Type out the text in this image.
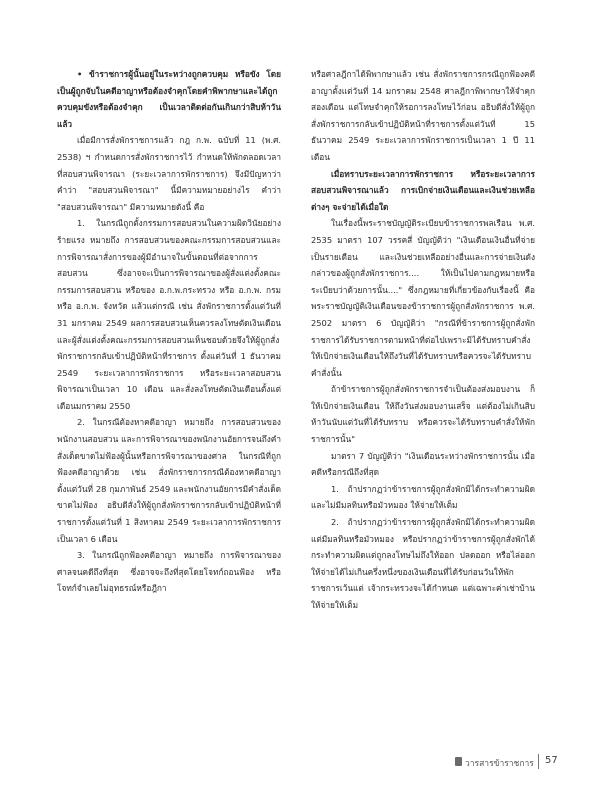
• ข้าราชการผู้นั้นอยู่ในระหว่างถูกควบคุม หรือขัง โดยเป็นผู้ถูกจับในคดีอาญาหรือต้องจำคุกโดยคำพิพากษาและได้ถูกควบคุมขังหรือต้องจำคุก เป็นเวลาติดต่อกันเกินกว่าสิบห้าวันแล้ว

เมื่อมีการสั่งพักราชการแล้ว กฎ ก.พ. ฉบับที่ 11 (พ.ศ. 2538) ฯ กำหนดการสั่งพักราชการไว้ กำหนดให้พักตลอดเวลาที่สอบสวนพิจารณา (ระยะเวลาการพักราชการ) จึงมีปัญหาว่าคำว่า "สอบสวนพิจารณา" นี้มีความหมายอย่างไร คำว่า "สอบสวนพิจารณา" มีความหมายดังนี้ คือ

1. ในกรณีถูกตั้งกรรมการสอบสวนในความผิดวินัยอย่างร้ายแรง หมายถึง การสอบสวนของคณะกรรมการสอบสวนและการพิจารณาสั่งการของผู้มีอำนาจในขั้นตอนที่ต่อจากการสอบสวน ซึ่งอาจจะเป็นการพิจารณาของผู้สั่งแต่งตั้งคณะกรรมการสอบสวน หรือของ อ.ก.พ.กระทรวง หรือ อ.ก.พ. กรม หรือ อ.ก.พ. จังหวัด แล้วแต่กรณี เช่น สั่งพักราชการตั้งแต่วันที่ 31 มกราคม 2549 ผลการสอบสวนเห็นควรลงโทษตัดเงินเดือนและผู้สั่งแต่งตั้งคณะกรรมการสอบสวนเห็นชอบด้วยจึงให้ผู้ถูกสั่งพักราชการกลับเข้าปฏิบัติหน้าที่ราชการ ตั้งแต่วันที่ 1 ธันวาคม 2549 ระยะเวลาการพักราชการ หรือระยะเวลาสอบสวนพิจารณาเป็นเวลา 10 เดือน และสั่งลงโทษตัดเงินเดือนตั้งแต่เดือนมกราคม 2550

2. ในกรณีต้องหาคดีอาญา หมายถึง การสอบสวนของพนักงานสอบสวน และการพิจารณาของพนักงานอัยการจนถึงคำสั่งเด็ดขาดไม่ฟ้องผู้นั้นหรือการพิจารณาของศาล ในกรณีที่ถูกฟ้องคดีอาญาด้วย เช่น สั่งพักราชการกรณีต้องหาคดีอาญาตั้งแต่วันที่ 28 กุมภาพันธ์ 2549 และพนักงานอัยการมีคำสั่งเด็ดขาดไม่ฟ้อง อธิบดีสั่งให้ผู้ถูกสั่งพักราชการกลับเข้าปฏิบัติหน้าที่ราชการตั้งแต่วันที่ 1 สิงหาคม 2549 ระยะเวลาการพักราชการเป็นเวลา 6 เดือน

3. ในกรณีถูกฟ้องคดีอาญา หมายถึง การพิจารณาของศาลจนคดีถึงที่สุด ซึ่งอาจจะถึงที่สุดโดยโจทก์ถอนฟ้อง หรือโจทก์จำเลยไม่อุทธรณ์หรือฎีกา

หรือศาลฎีกาได้พิพากษาแล้ว เช่น สั่งพักราชการกรณีถูกฟ้องคดีอาญาตั้งแต่วันที่ 14 มกราคม 2548 ศาลฎีกาพิพากษาให้จำคุกสองเดือน แต่โทษจำคุกให้รอการลงโทษไว้ก่อน อธิบดีสั่งให้ผู้ถูกสั่งพักราชการกลับเข้าปฏิบัติหน้าที่ราชการตั้งแต่วันที่ 15 ธันวาคม 2549 ระยะเวลาการพักราชการเป็นเวลา 1 ปี 11 เดือน

เมื่อทราบระยะเวลาการพักราชการ หรือระยะเวลาการสอบสวนพิจารณาแล้ว การเบิกจ่ายเงินเดือนและเงินช่วยเหลือต่างๆ จะจ่ายได้เมื่อใด

ในเรื่องนี้พระราชบัญญัติระเบียบข้าราชการพลเรือน พ.ศ. 2535 มาตรา 107 วรรคสี่ บัญญัติว่า "เงินเดือนเงินอื่นที่จ่ายเป็นรายเดือน และเงินช่วยเหลืออย่างอื่นและการจ่ายเงินดังกล่าวของผู้ถูกสั่งพักราชการ.... ให้เป็นไปตามกฎหมายหรือระเบียบว่าด้วยการนั้น...." ซึ่งกฎหมายที่เกี่ยวข้องกับเรื่องนี้ คือ พระราชบัญญัติเงินเดือนของข้าราชการผู้ถูกสั่งพักราชการ พ.ศ. 2502 มาตรา 6 บัญญัติว่า "กรณีที่ข้าราชการผู้ถูกสั่งพักราชการได้รับราชการตามหน้าที่ต่อไปเพราะมิได้รับทราบคำสั่ง ให้เบิกจ่ายเงินเดือนให้ถึงวันที่ได้รับทราบหรือควรจะได้รับทราบคำสั่งนั้น

ถ้าข้าราชการผู้ถูกสั่งพักราชการจำเป็นต้องส่งมอบงาน ก็ให้เบิกจ่ายเงินเดือน ให้ถึงวันส่งมอบงานเสร็จ แต่ต้องไม่เกินสิบห้าวันนับแต่วันที่ได้รับทราบ หรือควรจะได้รับทราบคำสั่งให้พักราชการนั้น"

มาตรา 7 บัญญัติว่า "เงินเดือนระหว่างพักราชการนั้น เมื่อคดีหรือกรณีถึงที่สุด

1. ถ้าปรากฏว่าข้าราชการผู้ถูกสั่งพักมิได้กระทำความผิด และไม่มีมลทินหรือมัวหมอง ให้จ่ายให้เต็ม

2. ถ้าปรากฏว่าข้าราชการผู้ถูกสั่งพักมิได้กระทำความผิดแต่มีมลทินหรือมัวหมอง หรือปรากฏว่าข้าราชการผู้ถูกสั่งพักได้กระทำความผิดแต่ถูกลงโทษไม่ถึงให้ออก ปลดออก หรือไล่ออกให้จ่ายได้ไม่เกินครึ่งหนึ่งของเงินเดือนที่ได้รับก่อนวันให้พักราชการเว้นแต่ เจ้ากระทรวงจะได้กำหนด แต่เฉพาะค่าเช่าบ้านให้จ่ายให้เต็ม

วารสารข้าราชการ 57
